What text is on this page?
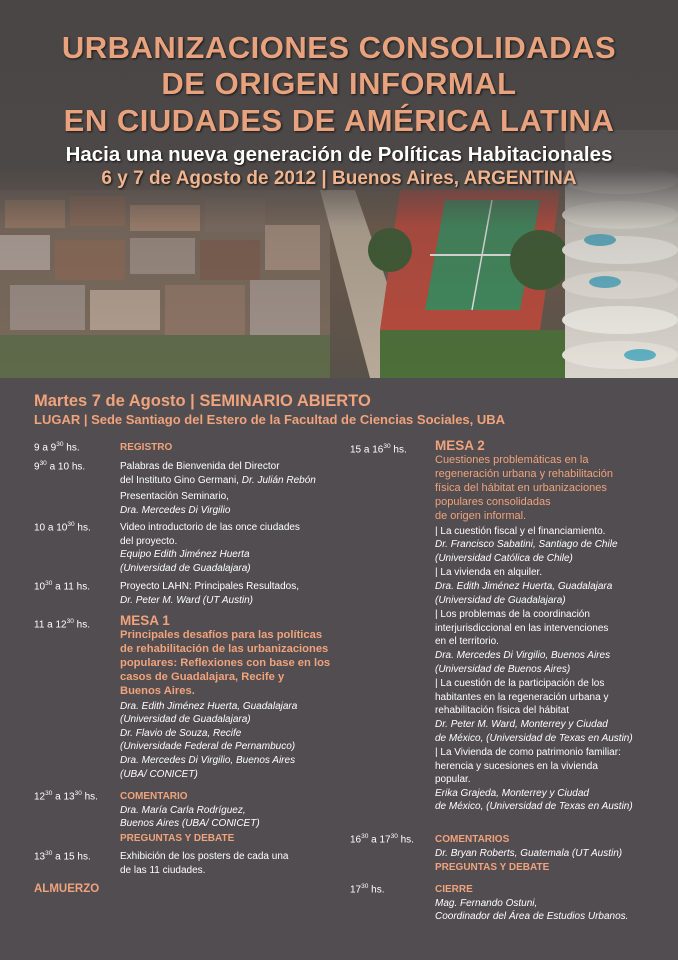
URBANIZACIONES CONSOLIDADAS
DE ORIGEN INFORMAL
EN CIUDADES DE AMÉRICA LATINA
Hacia una nueva generación de Políticas Habitacionales
6 y 7 de Agosto de 2012 | Buenos Aires, ARGENTINA
Martes 7 de Agosto | SEMINARIO ABIERTO
LUGAR | Sede Santiago del Estero de la Facultad de Ciencias Sociales, UBA
9 a $9^{30}$ hs.	REGISTRO
$9^{30}$ a 10 hs.	Palabras de Bienvenida del Director

del Instituto Gino Germani, Dr. Julián Rebón

Presentación Seminario,

Dra. Mercedes Di Virgilio

10 a $10^{30}$ hs.	Video introductorio de las once ciudades

del proyecto.

Equipo Edith Jiménez Huerta

(Universidad de Guadalajara)

$10^{30}$ a 11 hs.	Proyecto LAHN: Principales Resultados,

Dr. Peter M. Ward (UT Austin)

11 a $12^{30}$ hs. MESA 1

Principales desafíos para las políticas

de rehabilitación de las urbanizaciones

populares: Reflexiones con base en los

casos de Guadalajara, Recife y

Buenos Aires.

Dra. Edith Jiménez Huerta, Guadalajara

(Universidad de Guadalajara)

Dr. Flavio de Souza, Recife

(Universidade Federal de Pernambuco)

Dra. Mercedes Di Virgilio, Buenos Aires

(UBA/ CONICET)

$12^{30}$ a $13^{30}$ hs. COMENTARIO

Dra. María Carla Rodríguez,

Buenos Aires (UBA/ CONICET)

PREGUNTAS Y DEBATE

$13^{30}$ a 15 hs.	Exhibición de los posters de cada una

de las 11 ciudades.

ALMUERZO
15 a $16^{30}$ hs. MESA 2

Cuestiones problemáticas en la

regeneración urbana y rehabilitación

física del hábitat en urbanizaciones

populares consolidadas

de origen informal.

| La cuestión fiscal y el financiamiento.

Dr. Francisco Sabatini, Santiago de Chile

(Universidad Católica de Chile)

| La vivienda en alquiler.

Dra. Edith Jiménez Huerta, Guadalajara

(Universidad de Guadalajara)

| Los problemas de la coordinación

interjurisdiccional en las intervenciones

en el territorio.

Dra. Mercedes Di Virgilio, Buenos Aires

(Universidad de Buenos Aires)

| La cuestión de la participación de los

habitantes en la regeneración urbana y

rehabilitación física del hábitat

Dr. Peter M. Ward, Monterrey y Ciudad

de México, (Universidad de Texas en Austin)

| La Vivienda de como patrimonio familiar:

herencia y sucesiones en la vivienda

popular.

Erika Grajeda, Monterrey y Ciudad

de México, (Universidad de Texas en Austin)

$16^{30}$ a $17^{30}$ hs. COMENTARIOS

Dr. Bryan Roberts, Guatemala (UT Austin)

PREGUNTAS Y DEBATE

$17^{30}$ hs.	CIERRE

Mag. Fernando Ostuni,

Coordinador del Área de Estudios Urbanos.
